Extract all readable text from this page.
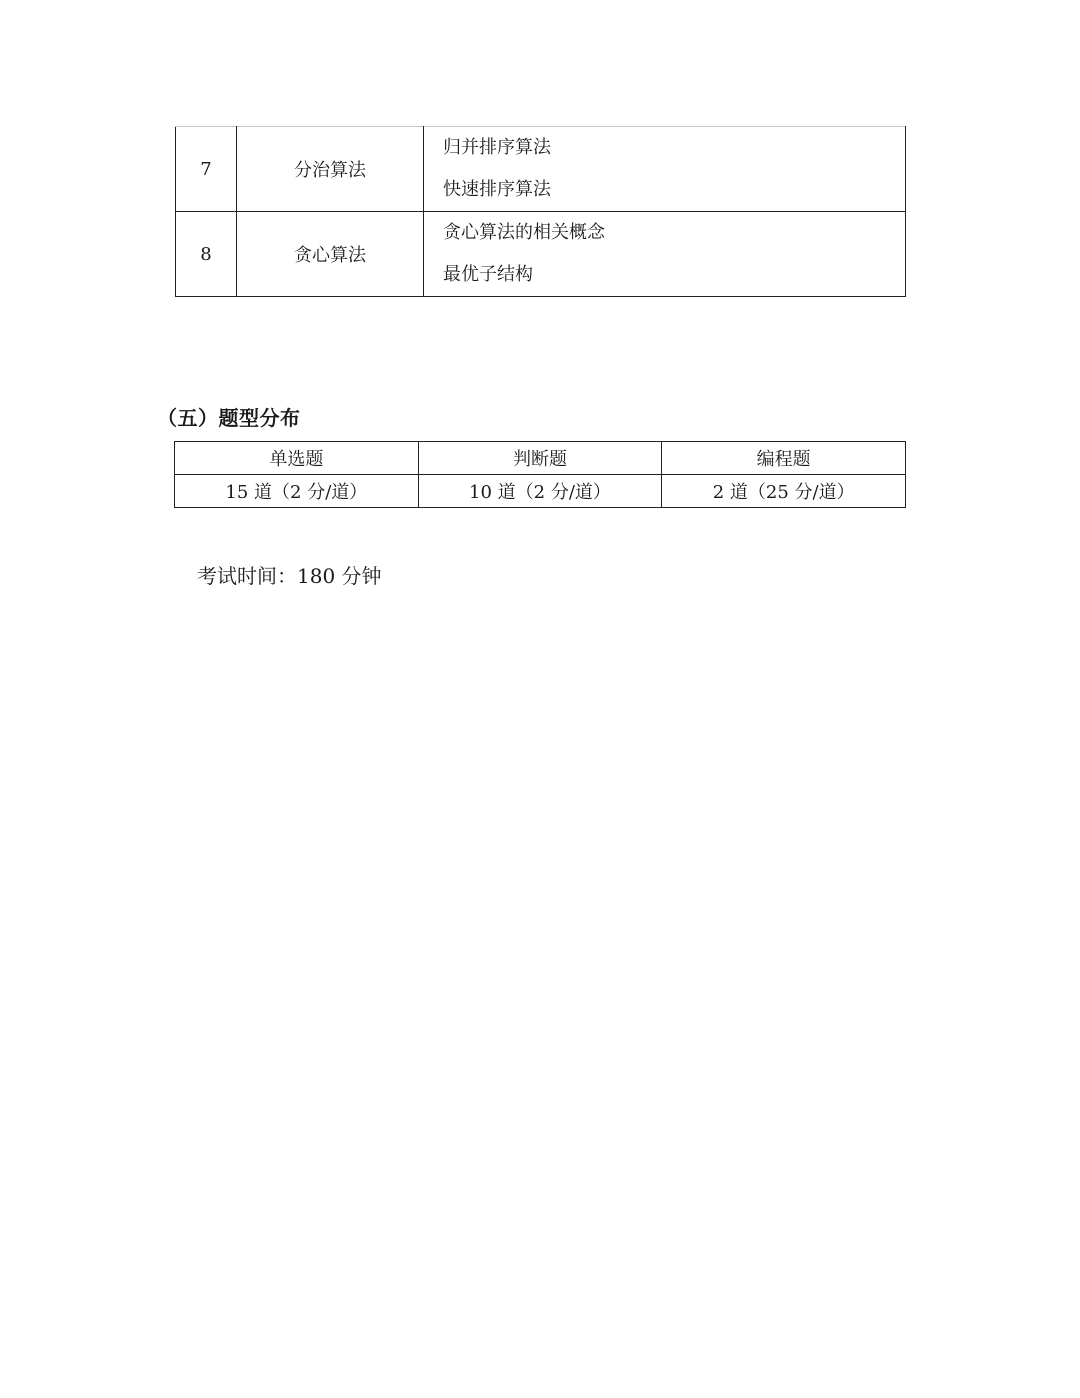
7	分治算法	归并排序算法
快速排序算法

8	贪心算法	贪心算法的相关概念
最优子结构
（五）题型分布
单选题	判断题	编程题
15 道（2 分/道）	10 道（2 分/道）	2 道（25 分/道）

考试时间：180 分钟
